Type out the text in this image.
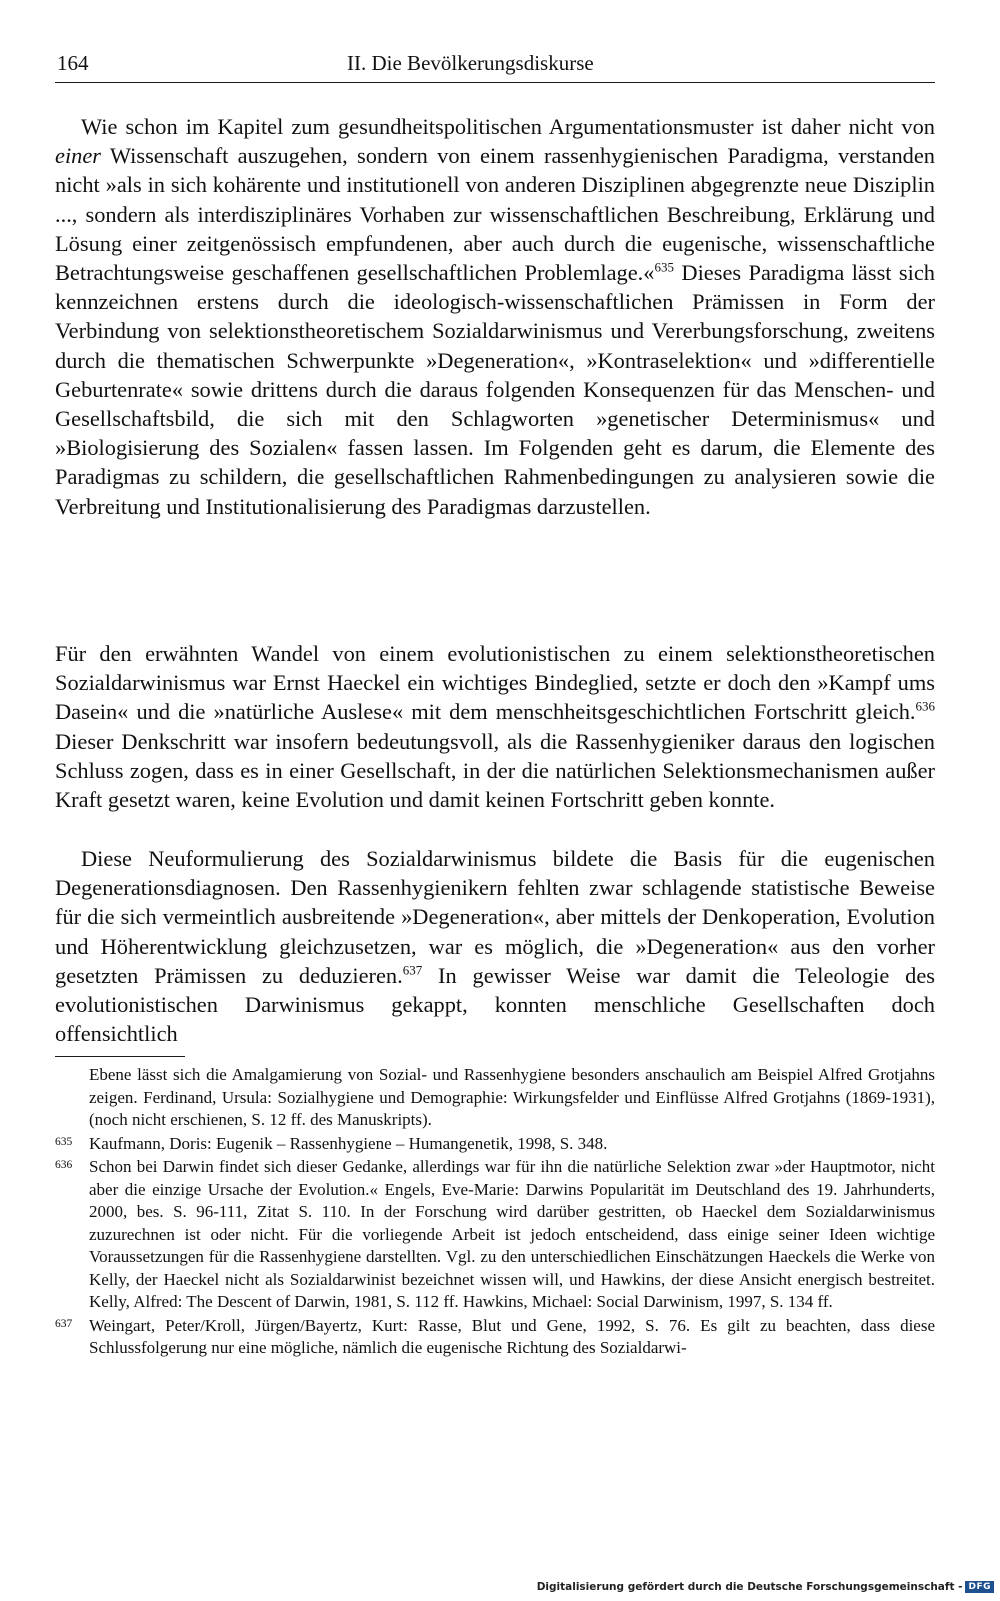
164	II. Die Bevölkerungsdiskurse

Wie schon im Kapitel zum gesundheitspolitischen Argumentationsmuster ist daher nicht von einer Wissenschaft auszugehen, sondern von einem rassenhygienischen Paradigma, verstanden nicht »als in sich kohärente und institutionell von anderen Disziplinen abgegrenzte neue Disziplin ..., sondern als interdisziplinäres Vorhaben zur wissenschaftlichen Beschreibung, Erklärung und Lösung einer zeitgenössisch empfundenen, aber auch durch die eugenische, wissenschaftliche Betrachtungsweise geschaffenen gesellschaftlichen Problemlage.«$^{635}$ Dieses Paradigma lässt sich kennzeichnen erstens durch die ideologisch-wissenschaftlichen Prämissen in Form der Verbindung von selektionstheoretischem Sozialdarwinismus und Vererbungsforschung, zweitens durch die thematischen Schwerpunkte »Degeneration«, »Kontraselektion« und »differentielle Geburtenrate« sowie drittens durch die daraus folgenden Konsequenzen für das Menschen- und Gesellschaftsbild, die sich mit den Schlagworten »genetischer Determinismus« und »Biologisierung des Sozialen« fassen lassen. Im Folgenden geht es darum, die Elemente des Paradigmas zu schildern, die gesellschaftlichen Rahmenbedingungen zu analysieren sowie die Verbreitung und Institutionalisierung des Paradigmas darzustellen.

Für den erwähnten Wandel von einem evolutionistischen zu einem selektionstheoretischen Sozialdarwinismus war Ernst Haeckel ein wichtiges Bindeglied, setzte er doch den »Kampf ums Dasein« und die »natürliche Auslese« mit dem menschheitsgeschichtlichen Fortschritt gleich.$^{636}$ Dieser Denkschritt war insofern bedeutungsvoll, als die Rassenhygieniker daraus den logischen Schluss zogen, dass es in einer Gesellschaft, in der die natürlichen Selektionsmechanismen außer Kraft gesetzt waren, keine Evolution und damit keinen Fortschritt geben konnte.

Diese Neuformulierung des Sozialdarwinismus bildete die Basis für die eugenischen Degenerationsdiagnosen. Den Rassenhygienikern fehlten zwar schlagende statistische Beweise für die sich vermeintlich ausbreitende »Degeneration«, aber mittels der Denkoperation, Evolution und Höherentwicklung gleichzusetzen, war es möglich, die »Degeneration« aus den vorher gesetzten Prämissen zu deduzieren.$^{637}$ In gewisser Weise war damit die Teleologie des evolutionistischen Darwinismus gekappt, konnten menschliche Gesellschaften doch offensichtlich

Ebene lässt sich die Amalgamierung von Sozial- und Rassenhygiene besonders anschaulich am Beispiel Alfred Grotjahns zeigen. Ferdinand, Ursula: Sozialhygiene und Demographie: Wirkungsfelder und Einflüsse Alfred Grotjahns (1869-1931), (noch nicht erschienen, S. 12 ff. des Manuskripts).

635 Kaufmann, Doris: Eugenik – Rassenhygiene – Humangenetik, 1998, S. 348.

636 Schon bei Darwin findet sich dieser Gedanke, allerdings war für ihn die natürliche Selektion zwar »der Hauptmotor, nicht aber die einzige Ursache der Evolution.« Engels, Eve-Marie: Darwins Popularität im Deutschland des 19. Jahrhunderts, 2000, bes. S. 96-111, Zitat S. 110. In der Forschung wird darüber gestritten, ob Haeckel dem Sozialdarwinismus zuzurechnen ist oder nicht. Für die vorliegende Arbeit ist jedoch entscheidend, dass einige seiner Ideen wichtige Voraussetzungen für die Rassenhygiene darstellten. Vgl. zu den unterschiedlichen Einschätzungen Haeckels die Werke von Kelly, der Haeckel nicht als Sozialdarwinist bezeichnet wissen will, und Hawkins, der diese Ansicht energisch bestreitet. Kelly, Alfred: The Descent of Darwin, 1981, S. 112 ff. Hawkins, Michael: Social Darwinism, 1997, S. 134 ff.

637 Weingart, Peter/Kroll, Jürgen/Bayertz, Kurt: Rasse, Blut und Gene, 1992, S. 76. Es gilt zu beachten, dass diese Schlussfolgerung nur eine mögliche, nämlich die eugenische Richtung des Sozialdarwi-

Digitalisierung gefördert durch die Deutsche Forschungsgemeinschaft - DFG
